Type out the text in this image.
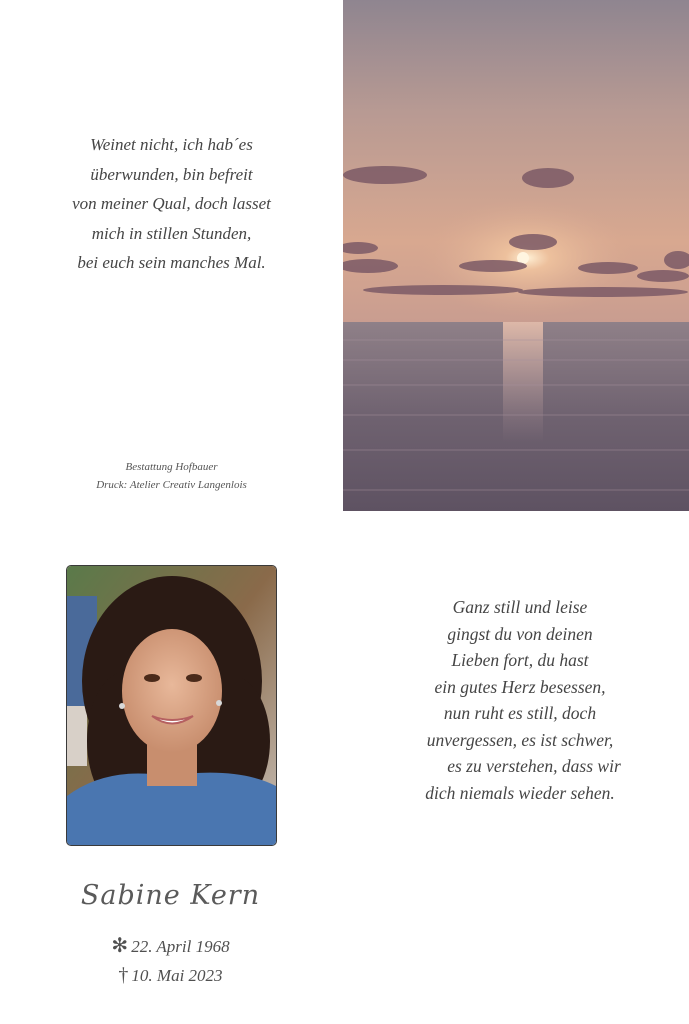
Weinet nicht, ich hab´es
überwunden, bin befreit
von meiner Qual, doch lasset
mich in stillen Stunden,
bei euch sein manches Mal.
Bestattung Hofbauer
Druck: Atelier Creativ Langenlois
Ganz still und leise
gingst du von deinen
Lieben fort, du hast
ein gutes Herz besessen,
nun ruht es still, doch
unvergessen, es ist schwer,
es zu verstehen, dass wir
dich niemals wieder sehen.
Sabine Kern
✻ 22. April 1968
† 10. Mai 2023
